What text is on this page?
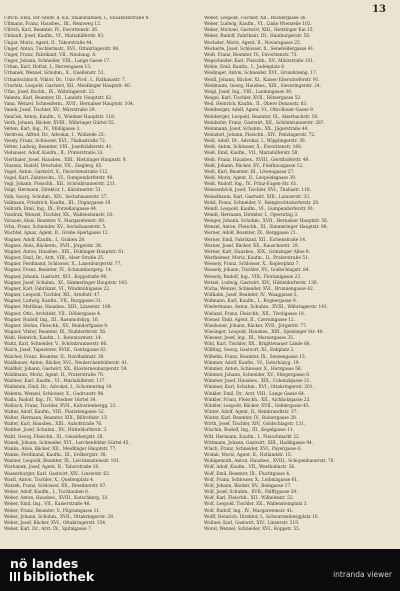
13
Ulrich, Emil, Dir.-Stellv. d. k.k. Staatsbahnen, I., Elisabethstraße 9.
Ullmann, Franz, Hausbes., III., Rennweg 12.
Ullrich, Karl, Beamter, IV., Favoritenstr. 26.
Umlauft, Josef, Kaufm., VI., Mariahilferstr. 83.
Ungar, Moriz, Agent, II., Taborstraße 44.
Unger, Anton, Tischlermstr., XVI., Ottakringerstr. 98.
Unger, Franz, Fabrikant, VII., Neubaug. 8.
Unger, Johann, Schneider, VIII., Lange Gasse 17.
Urban, Karl, Hofrat, I., Herrengasse 13.
Urbanek, Wenzel, Schuhm., X., Quellenstr. 51.
Urbantschitsch, Viktor, Dr., Univ.-Prof., I., Rathausstr. 7.
Urschitz, Leopold, Gastwirt, XII., Meidlinger Hauptstr. 40.
Uthe, Josef, Buchh., IX., Währingerstr. 22.
Valenta, Karl, Beamter, III., Landstr. Hauptstr. 62.
Vana, Wenzel, Schneiderm., XVII., Hernalser Hauptstr. 104.
Vanek, Josef, Tischler, XV., Märzstraße 29.
Vaniček, Anton, Kaufm., V., Wiedner Hauptstr. 118.
Veith, Johann, Bäcker, XVIII., Währinger Gürtel 55.
Velten, Karl, Ing., IV., Mühlgasse 3.
Verdross, Alfred, Dr., Advokat, I., Wollzeile 25.
Vesely, Franz, Schlosser, XVI., Thaliastraße 72.
Vetter, Ludwig, Beamter, VIII., Josefstädterstr. 41.
Viehauser, Adolf, Kaufm., II., Praterstraße 33.
Vierthaler, Josef, Hausbes., XIII., Hietzinger Hauptstr. 9.
Vinzenz, Rudolf, Drechsler, VII., Zieglerg. 65.
Vogel, Anton, Gastwirt, X., Favoritenstraße 112.
Vogel, Karl, Zahntechn., VI., Gumpendorferstr. 48.
Vogl, Johann, Fleischh., XII., Schönbrunnerstr. 231.
Voigt, Hermann, Direktor, I., Kärntnerstr. 51.
Volk, Georg, Schuhm., XIV., Sechshauserstr. 27.
Vollmann, Friedrich, Kaufm., III., Ungargasse 19.
Vollrath, Emil, Ing., IX., Porzellangasse 44.
Vondrak, Wenzel, Tischler, XX., Wallensteinstr. 18.
Vorauer, Alois, Beamter, V., Margaretenstr. 88.
Vrba, Franz, Schneider, XV., Sechshauserstr. 5.
Wachtel, Ignaz, Agent, II., Große Sperlgasse 12.
Wagner, Adolf, Kaufm., I., Graben 28.
Wagner, Alois, Bäckerm., XVII., Jörgerstr. 38.
Wagner, Anton, Hausbes., XIX., Döblinger Hauptstr. 61.
Wagner, Emil, Dr., Arzt, VIII., Alser Straße 25.
Wagner, Ferdinand, Schlosser, X., Laxenburgerstr. 77.
Wagner, Franz, Beamter, IV., Schaumburgerg. 14.
Wagner, Johann, Gastwirt, XVI., Koppstraße 90.
Wagner, Josef, Schuhm., XI., Simmeringer Hauptstr. 143.
Wagner, Karl, Fabrikant, VI., Windmühlgasse 22.
Wagner, Leopold, Tischler, XII., Arndtstr. 47.
Wagner, Ludwig, Kaufm., VII., Burggasse 31.
Wagner, Matthias, Hausbes., XIII., Linzerstr. 108.
Wagner, Otto, Architekt, VII., Döblergasse 4.
Wagner, Rudolf, Ing., III., Rasumofskyg. 16.
Wagner, Stefan, Fleischh., XV., Reindorfgasse 9.
Wagner, Viktor, Beamter, IX., Nußdorferstr. 56.
Wahl, Heinrich, Kaufm., I., Rotenturmstr. 14.
Waitz, Karl, Schneider, V., Schönbrunnerstr. 66.
Walch, Josef, Tapezierer, XVIII., Gentzgasse 82.
Walcher, Franz, Beamter, II., Nordbahnstr. 30.
Waldbauer, Anton, Bäcker, XVI., Neulerchenfelderstr. 41.
Waldhör, Johann, Gastwirt, XX., Klosterneuburgerstr. 59.
Waldmann, Moriz, Agent, II., Praterstraße 70.
Waldner, Karl, Kaufm., VI., Mariahilferstr. 117.
Waldstein, Emil, Dr., Advokat, I., Schottenring 19.
Walenta, Wenzel, Schlosser, X., Gudrunstr. 96.
Walla, Rudolf, Ing., IV., Wiedner Gürtel 34.
Wallisch, Franz, Tischler, XVII., Kalvarienbergg. 21.
Walter, Adolf, Kaufm., VIII., Piaristengasse 52.
Walter, Hermann, Beamter, XIX., Billrothstr. 13.
Walter, Karl, Hausbes., XIII., Auhofstraße 76.
Walther, Josef, Schuhm., XV., Hütteldorferstr. 3.
Waltl, Georg, Fleischh., XI., Geiselbergstr. 28.
Wanek, Johann, Schneider, XVI., Lerchenfelder Gürtel 45.
Wanka, Alois, Bäcker, XII., Meidlinger Hauptstr. 77.
Wanke, Ferdinand, Kaufm., III., Erdbergstr. 38.
Wanner, Leopold, Beamter, IX., Liechtensteinstr. 101.
Warhanek, Josef, Agent, II., Taborstraße 18.
Wasserburger, Karl, Gastwirt, XIV., Linzerstr. 62.
Wastl, Anton, Tischler, X., Quellenplatz 4.
Watzek, Franz, Schlosser, XX., Dresdnerstr. 87.
Weber, Adolf, Kaufm., I., Tuchlauben 8.
Weber, Anton, Hausbes., XVIII., Kutschkerg. 33.
Weber, Emil, Ing., VII., Kaiserstraße 46.
Weber, Franz, Beamter, V., Pilgramgasse 11.
Weber, Johann, Schuhm., XVII., Ottakringerstr. 29.
Weber, Josef, Bäcker, XVI., Ottakringerstr. 154.
Weber, Karl, Dr., Arzt, IX., Spitalgasse 7.
Weber, Leopold, Tischler, XII., Ruckergasse 36.
Weber, Ludwig, Kaufm., VI., Linke Wienzeile 102.
Weber, Michael, Gastwirt, XIII., Hietzinger Kai 15.
Weber, Rudolf, Fabrikant, III., Hainburgerstr. 58.
Wechsler, Moriz, Agent, II., Novaragasse 25.
Weckerle, Josef, Schlosser, X., Senefeldergasse 41.
Wedl, Franz, Beamter, IV., Favoritenstr. 73.
Wegscheider, Karl, Fleischh., XV., Märzstraße 101.
Wehle, Emil, Kaufm., I., Judenplatz 6.
Weidinger, Anton, Schneider, XVI., Grundsteing. 17.
Weidl, Johann, Bäcker, XI., Kaiser-Ebersdorferstr. 91.
Weidmann, Georg, Hausbes., XIX., Sieveringerstr. 24.
Weigl, Josef, Ing., VIII., Laudongasse 39.
Weigel, Karl, Tischler, XVII., Rötzergasse 52.
Weil, Heinrich, Kaufm., II., Obere Donaustr. 63.
Weinberger, Adolf, Agent, VI., Otto-Bauer-Gasse 9.
Weinberger, Leopold, Beamter, IX., Alserbachstr. 18.
Weinhofer, Franz, Gastwirt, XII., Schönbrunnerstr. 287.
Weinmann, Josef, Schuhm., XX., Jägerstraße 44.
Weinzierl, Johann, Fleischh., XIV., Penzingerstr. 72.
Weiß, Adolf, Dr., Advokat, I., Wipplingerstr. 30.
Weiß, Anton, Schlosser, X., Favoritenstr. 168.
Weiß, Emil, Kaufm., VII., Mariahilferstr. 58.
Weiß, Franz, Hausbes., XVIII., Gersthoferstr. 49.
Weiß, Johann, Bäcker, XV., Fünfhausgasse 12.
Weiß, Karl, Beamter, III., Löwengasse 27.
Weiß, Moriz, Agent, II., Leopoldsgasse 39.
Weiß, Rudolf, Ing., IV., Prinz-Eugen-Str. 61.
Weissenböck, Josef, Tischler, XVI., Thaliastr. 118.
Weixelbaum, Karl, Gastwirt, XIII., Lainzerstr. 33.
Welzl, Franz, Schneider, V., Reinprechtsdorferstr. 20.
Wendl, Leopold, Kaufm., VI., Gumpendorferstr. 91.
Wendt, Hermann, Direktor, I., Opernring 3.
Wenger, Johann, Schuhm., XVII., Hernalser Hauptstr. 56.
Wenzel, Anton, Fleischh., XI., Simmeringer Hauptstr. 88.
Werner, Adolf, Beamter, IX., Berggasse 21.
Werner, Emil, Fabrikant, XII., Eichenstraße 14.
Werner, Josef, Bäcker, XX., Rauscherstr. 29.
Werner, Karl, Hausbes., XIX., Grinzinger Allee 8.
Wertheimer, Moriz, Kaufm., II., Praterstraße 51.
Wessely, Franz, Schlosser, X., Keplerplatz 7.
Wessely, Johann, Tischler, XV., Goldschlagstr. 84.
Wessely, Rudolf, Ing., VIII., Florianigasse 23.
Wetzel, Ludwig, Gastwirt, XIV., Hütteldorferstr. 136.
Wicha, Wenzel, Schneider, XVI., Brunnengasse 42.
Widhalm, Josef, Beamter, IV., Waaggasse 5.
Widmann, Karl, Kaufm., I., Bognergasse 9.
Wiedermann, Anton, Schuhm., XVIII., Währingerstr. 141.
Wieland, Franz, Fleischh., XII., Tivoligasse 18.
Wiener, Emil, Agent, II., Czerningasse 12.
Wiesbauer, Johann, Bäcker, XVII., Jörgerstr. 77.
Wiesinger, Leopold, Hausbes., XIII., Speisinger Str. 40.
Wiesner, Josef, Ing., III., Marxergasse 35.
Wild, Karl, Tischler, XX., Brigittenauer Lände 66.
Wilfling, Georg, Gastwirt, XI., Enkplatz 2.
Wilhelm, Franz, Beamter, IX., Sensengasse 13.
Wimmer, Adolf, Kaufm., VI., Esterházyg. 19.
Wimmer, Anton, Schlosser, X., Herzgasse 56.
Wimmer, Johann, Schneider, XV., Stiegergasse 8.
Wimmer, Josef, Hausbes., XIX., Cobenzlgasse 31.
Wimmer, Karl, Schuhm., XVI., Ottakringerstr. 201.
Winkler, Emil, Dr., Arzt, VIII., Lange Gasse 64.
Winkler, Franz, Fleischh., XII., Aichholzgasse 23.
Winkler, Leopold, Bäcker, XVII., Geblergasse 45.
Winter, Adolf, Agent, II., Rembrandtstr. 37.
Winter, Karl, Beamter, IV., Rainergasse 28.
Wirth, Josef, Tischler, XIV., Goldschlagstr. 131.
Wischin, Rudolf, Ing., III., Kegelgasse 11.
Witt, Hermann, Kaufm., I., Fleischmarkt 22.
Wittmann, Johann, Gastwirt, XIII., Hadikgasse 94.
Wlach, Franz, Schneider, XVI., Payergasse 6.
Wodak, Moriz, Agent, II., Hollandstr. 15.
Wohlgemuth, Anton, Hausbes., XVIII., Schopenhauerstr. 70.
Wolf, Adolf, Kaufm., VII., Westbahnstr. 36.
Wolf, Emil, Beamter, IX., Fluchtgasse 4.
Wolf, Franz, Schlosser, X., Leibnizgasse 61.
Wolf, Johann, Bäcker, XV., Beingasse 17.
Wolf, Josef, Schuhm., XVII., Palffygasse 29.
Wolf, Karl, Fleischh., XII., Wilhelmstr. 52.
Wolf, Leopold, Tischler, XX., Wallensteinplatz 3.
Wolf, Rudolf, Ing., IV., Margaretenstr. 41.
Wolff, Heinrich, Direktor, I., Schwarzenbergplatz 10.
Wollner, Karl, Gastwirt, XIV., Linzerstr. 219.
Worel, Wenzel, Schneider, XVI., Koppstr. 55.
nö landes
bibliothek	intranda viewer
